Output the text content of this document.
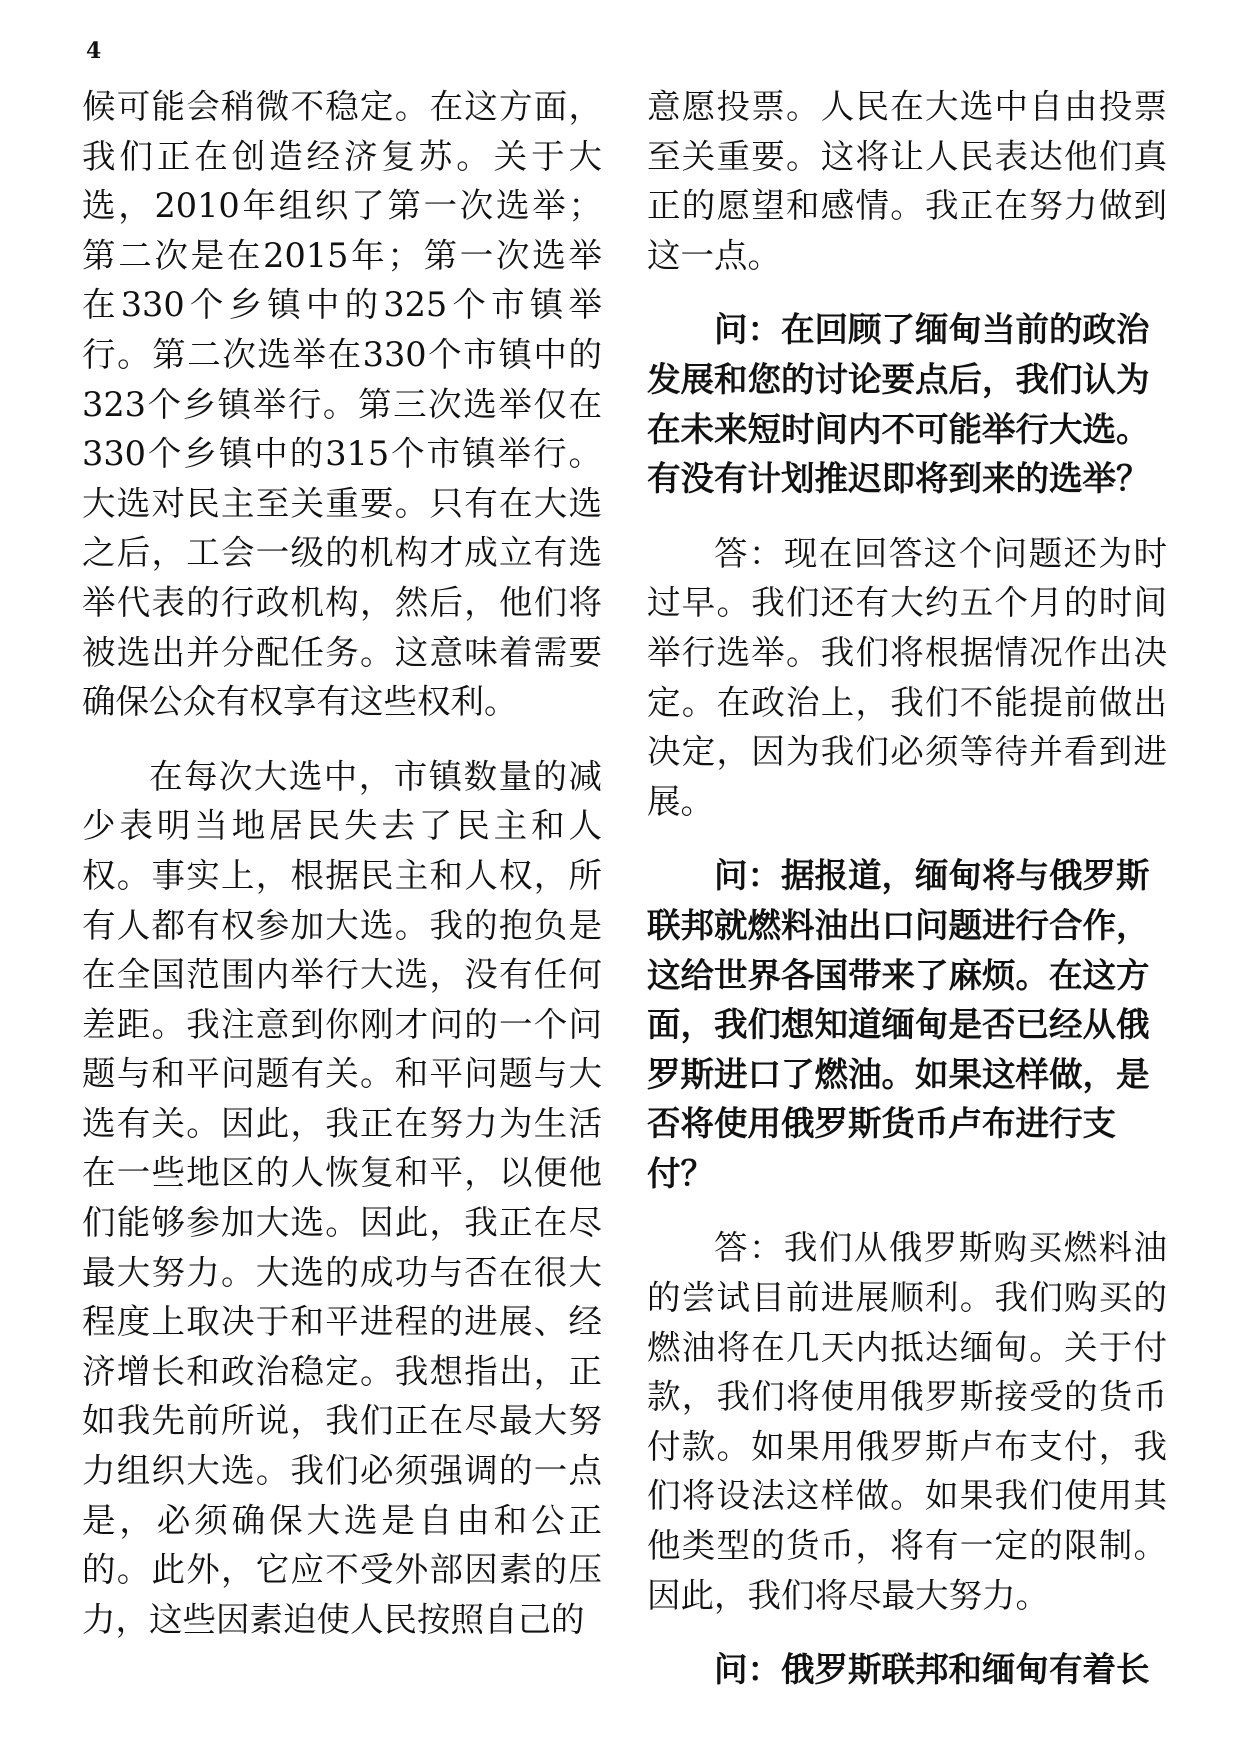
4

候可能会稍微不稳定。在这方面，我们正在创造经济复苏。关于大选，2010年组织了第一次选举；第二次是在2015年；第一次选举在330个乡镇中的325个市镇举行。第二次选举在330个市镇中的323个乡镇举行。第三次选举仅在330个乡镇中的315个市镇举行。大选对民主至关重要。只有在大选之后，工会一级的机构才成立有选举代表的行政机构，然后，他们将被选出并分配任务。这意味着需要确保公众有权享有这些权利。

在每次大选中，市镇数量的减少表明当地居民失去了民主和人权。事实上，根据民主和人权，所有人都有权参加大选。我的抱负是在全国范围内举行大选，没有任何差距。我注意到你刚才问的一个问题与和平问题有关。和平问题与大选有关。因此，我正在努力为生活在一些地区的人恢复和平，以便他们能够参加大选。因此，我正在尽最大努力。大选的成功与否在很大程度上取决于和平进程的进展、经济增长和政治稳定。我想指出，正如我先前所说，我们正在尽最大努力组织大选。我们必须强调的一点是，必须确保大选是自由和公正的。此外，它应不受外部因素的压力，这些因素迫使人民按照自己的

意愿投票。人民在大选中自由投票至关重要。这将让人民表达他们真正的愿望和感情。我正在努力做到这一点。

问：在回顾了缅甸当前的政治发展和您的讨论要点后，我们认为在未来短时间内不可能举行大选。有没有计划推迟即将到来的选举？

答：现在回答这个问题还为时过早。我们还有大约五个月的时间举行选举。我们将根据情况作出决定。在政治上，我们不能提前做出决定，因为我们必须等待并看到进展。

问：据报道，缅甸将与俄罗斯联邦就燃料油出口问题进行合作，这给世界各国带来了麻烦。在这方面，我们想知道缅甸是否已经从俄罗斯进口了燃油。如果这样做，是否将使用俄罗斯货币卢布进行支付？

答：我们从俄罗斯购买燃料油的尝试目前进展顺利。我们购买的燃油将在几天内抵达缅甸。关于付款，我们将使用俄罗斯接受的货币付款。如果用俄罗斯卢布支付，我们将设法这样做。如果我们使用其他类型的货币，将有一定的限制。因此，我们将尽最大努力。

问：俄罗斯联邦和缅甸有着长
